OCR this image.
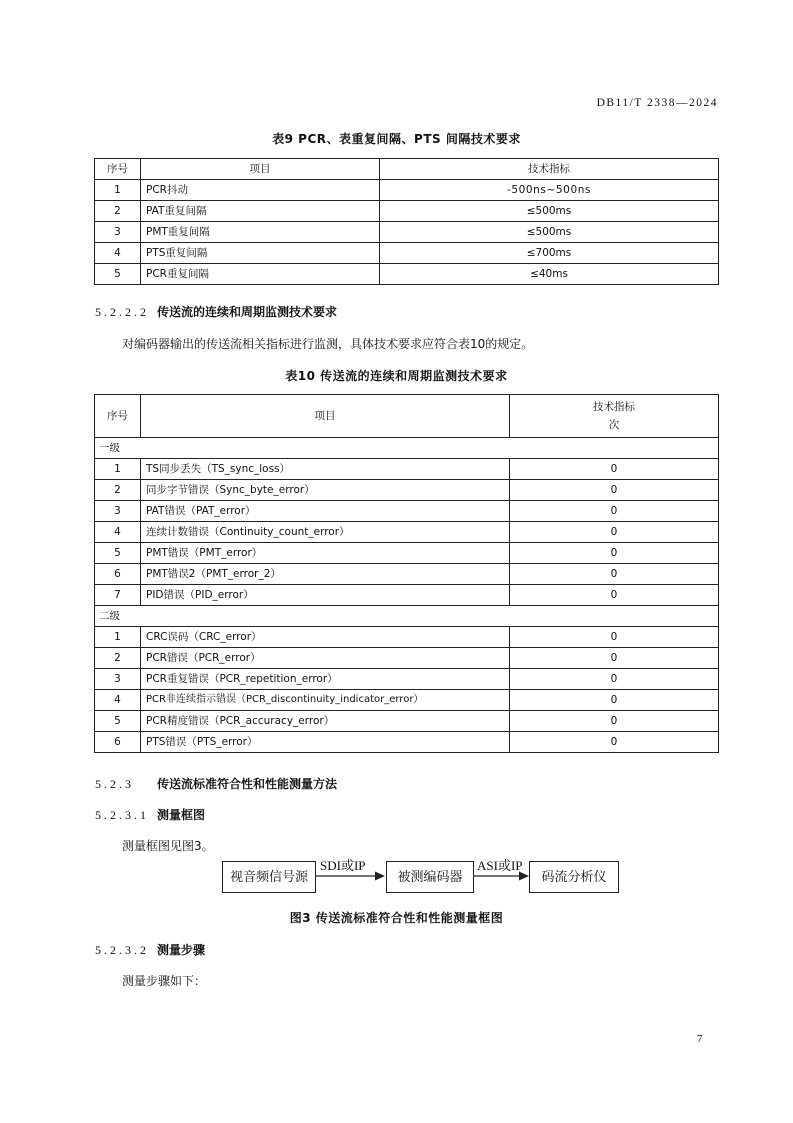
DB11/T 2338—2024
表9 PCR、表重复间隔、PTS 间隔技术要求
序号	项目	技术指标
1	PCR抖动	-500ns~500ns
2	PAT重复间隔	≤500ms
3	PMT重复间隔	≤500ms
4	PTS重复间隔	≤700ms
5	PCR重复间隔	≤40ms
5.2.2.2 传送流的连续和周期监测技术要求
对编码器输出的传送流相关指标进行监测，具体技术要求应符合表10的规定。
表10 传送流的连续和周期监测技术要求
序号	项目	技术指标
次

一级		
1	TS同步丢失（TS_sync_loss）	0
2	同步字节错误（Sync_byte_error）	0
3	PAT错误（PAT_error）	0
4	连续计数错误（Continuity_count_error）	0
5	PMT错误（PMT_error）	0
6	PMT错误2（PMT_error_2）	0
7	PID错误（PID_error）	0
二级		
1	CRC误码（CRC_error）	0
2	PCR错误（PCR_error）	0
3	PCR重复错误（PCR_repetition_error）	0
4	PCR非连续指示错误（PCR_discontinuity_indicator_error）	0
5	PCR精度错误（PCR_accuracy_error）	0
6	PTS错误（PTS_error）	0
5.2.3 传送流标准符合性和性能测量方法
5.2.3.1 测量框图
测量框图见图3。
视音频信号源
SDI或IP
被测编码器
ASI或IP
码流分析仪
图3 传送流标准符合性和性能测量框图
5.2.3.2 测量步骤
测量步骤如下：
7
